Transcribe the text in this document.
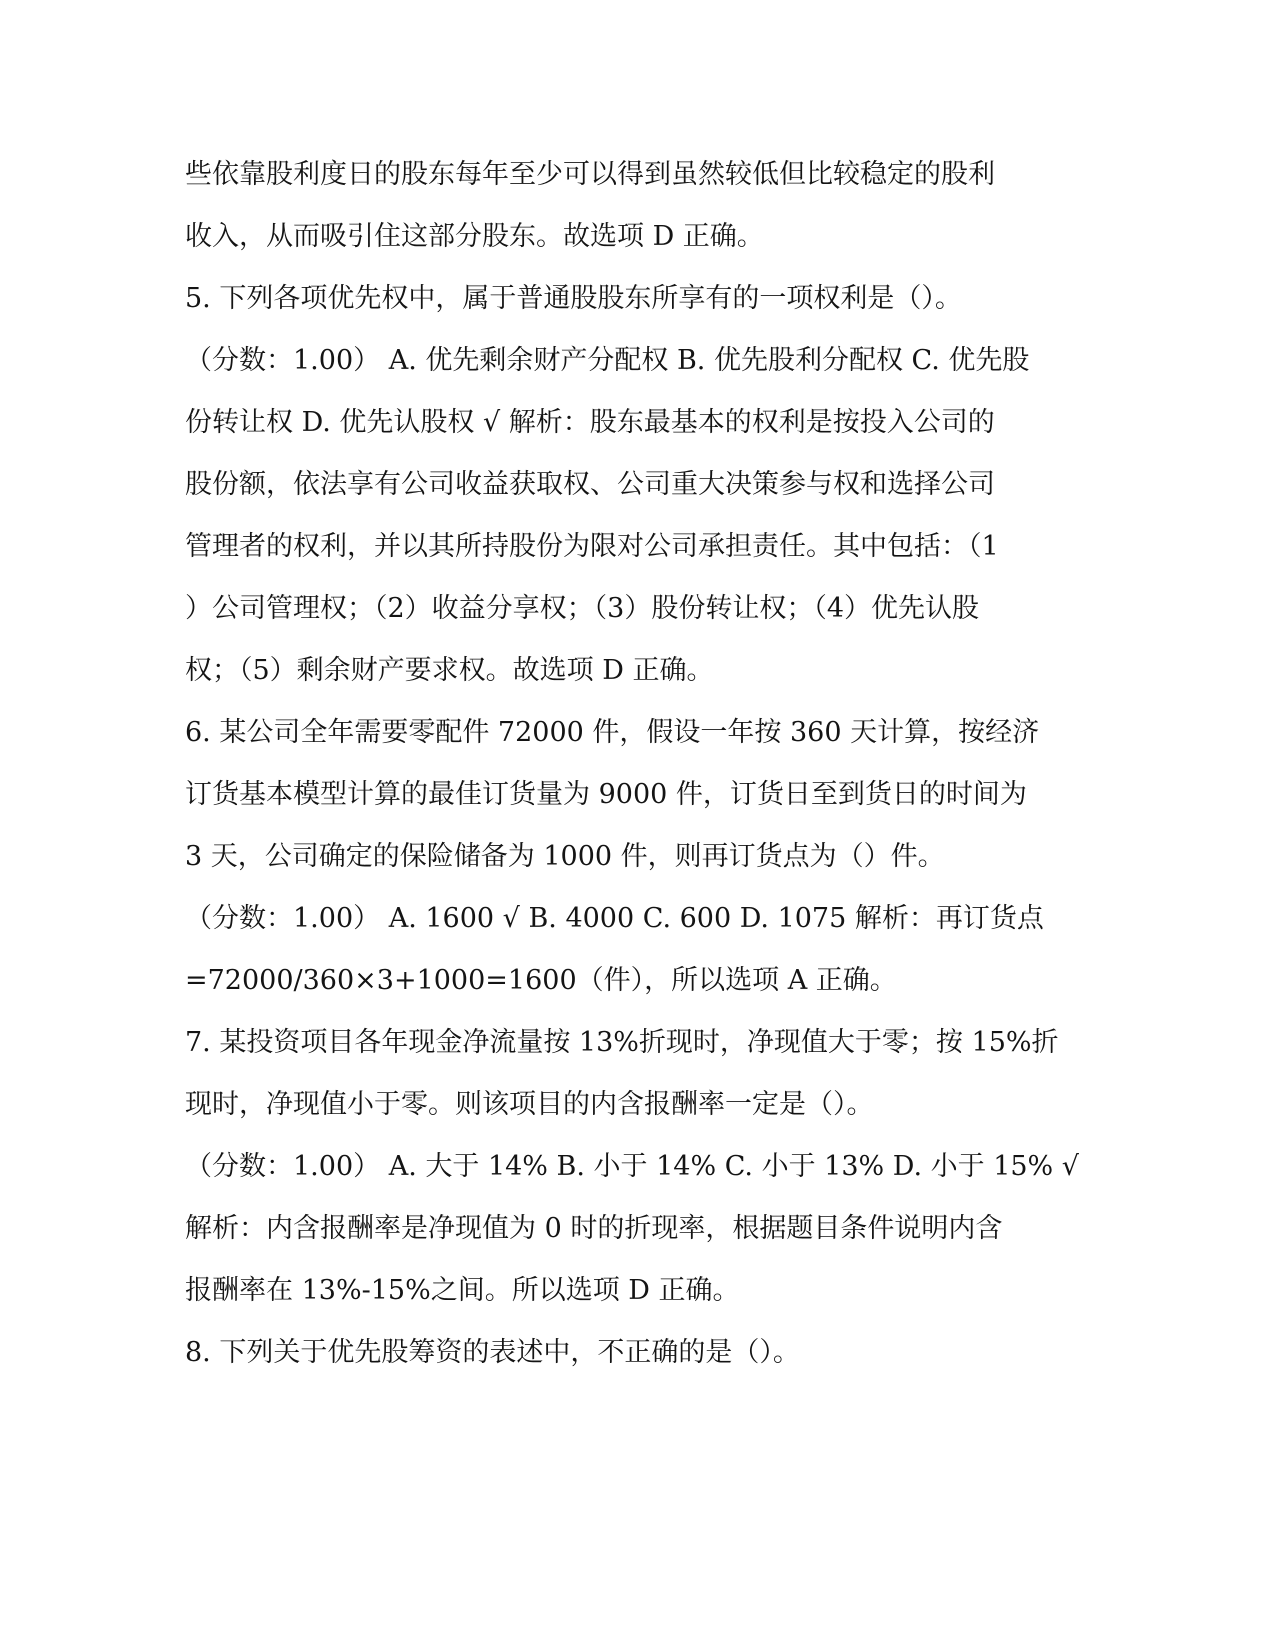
些依靠股利度日的股东每年至少可以得到虽然较低但比较稳定的股利
收入，从而吸引住这部分股东。故选项 D 正确。
5. 下列各项优先权中，属于普通股股东所享有的一项权利是（）。
（分数：1.00） A. 优先剩余财产分配权 B. 优先股利分配权 C. 优先股
份转让权 D. 优先认股权 √ 解析：股东最基本的权利是按投入公司的
股份额，依法享有公司收益获取权、公司重大决策参与权和选择公司
管理者的权利，并以其所持股份为限对公司承担责任。其中包括：（1
）公司管理权；（2）收益分享权；（3）股份转让权；（4）优先认股
权；（5）剩余财产要求权。故选项 D 正确。
6. 某公司全年需要零配件 72000 件，假设一年按 360 天计算，按经济
订货基本模型计算的最佳订货量为 9000 件，订货日至到货日的时间为
3 天，公司确定的保险储备为 1000 件，则再订货点为（）件。
（分数：1.00） A. 1600 √ B. 4000 C. 600 D. 1075 解析：再订货点
=72000/360×3+1000=1600（件），所以选项 A 正确。
7. 某投资项目各年现金净流量按 13%折现时，净现值大于零；按 15%折
现时，净现值小于零。则该项目的内含报酬率一定是（）。
（分数：1.00） A. 大于 14% B. 小于 14% C. 小于 13% D. 小于 15% √
解析：内含报酬率是净现值为 0 时的折现率，根据题目条件说明内含
报酬率在 13%-15%之间。所以选项 D 正确。
8. 下列关于优先股筹资的表述中，不正确的是（）。
